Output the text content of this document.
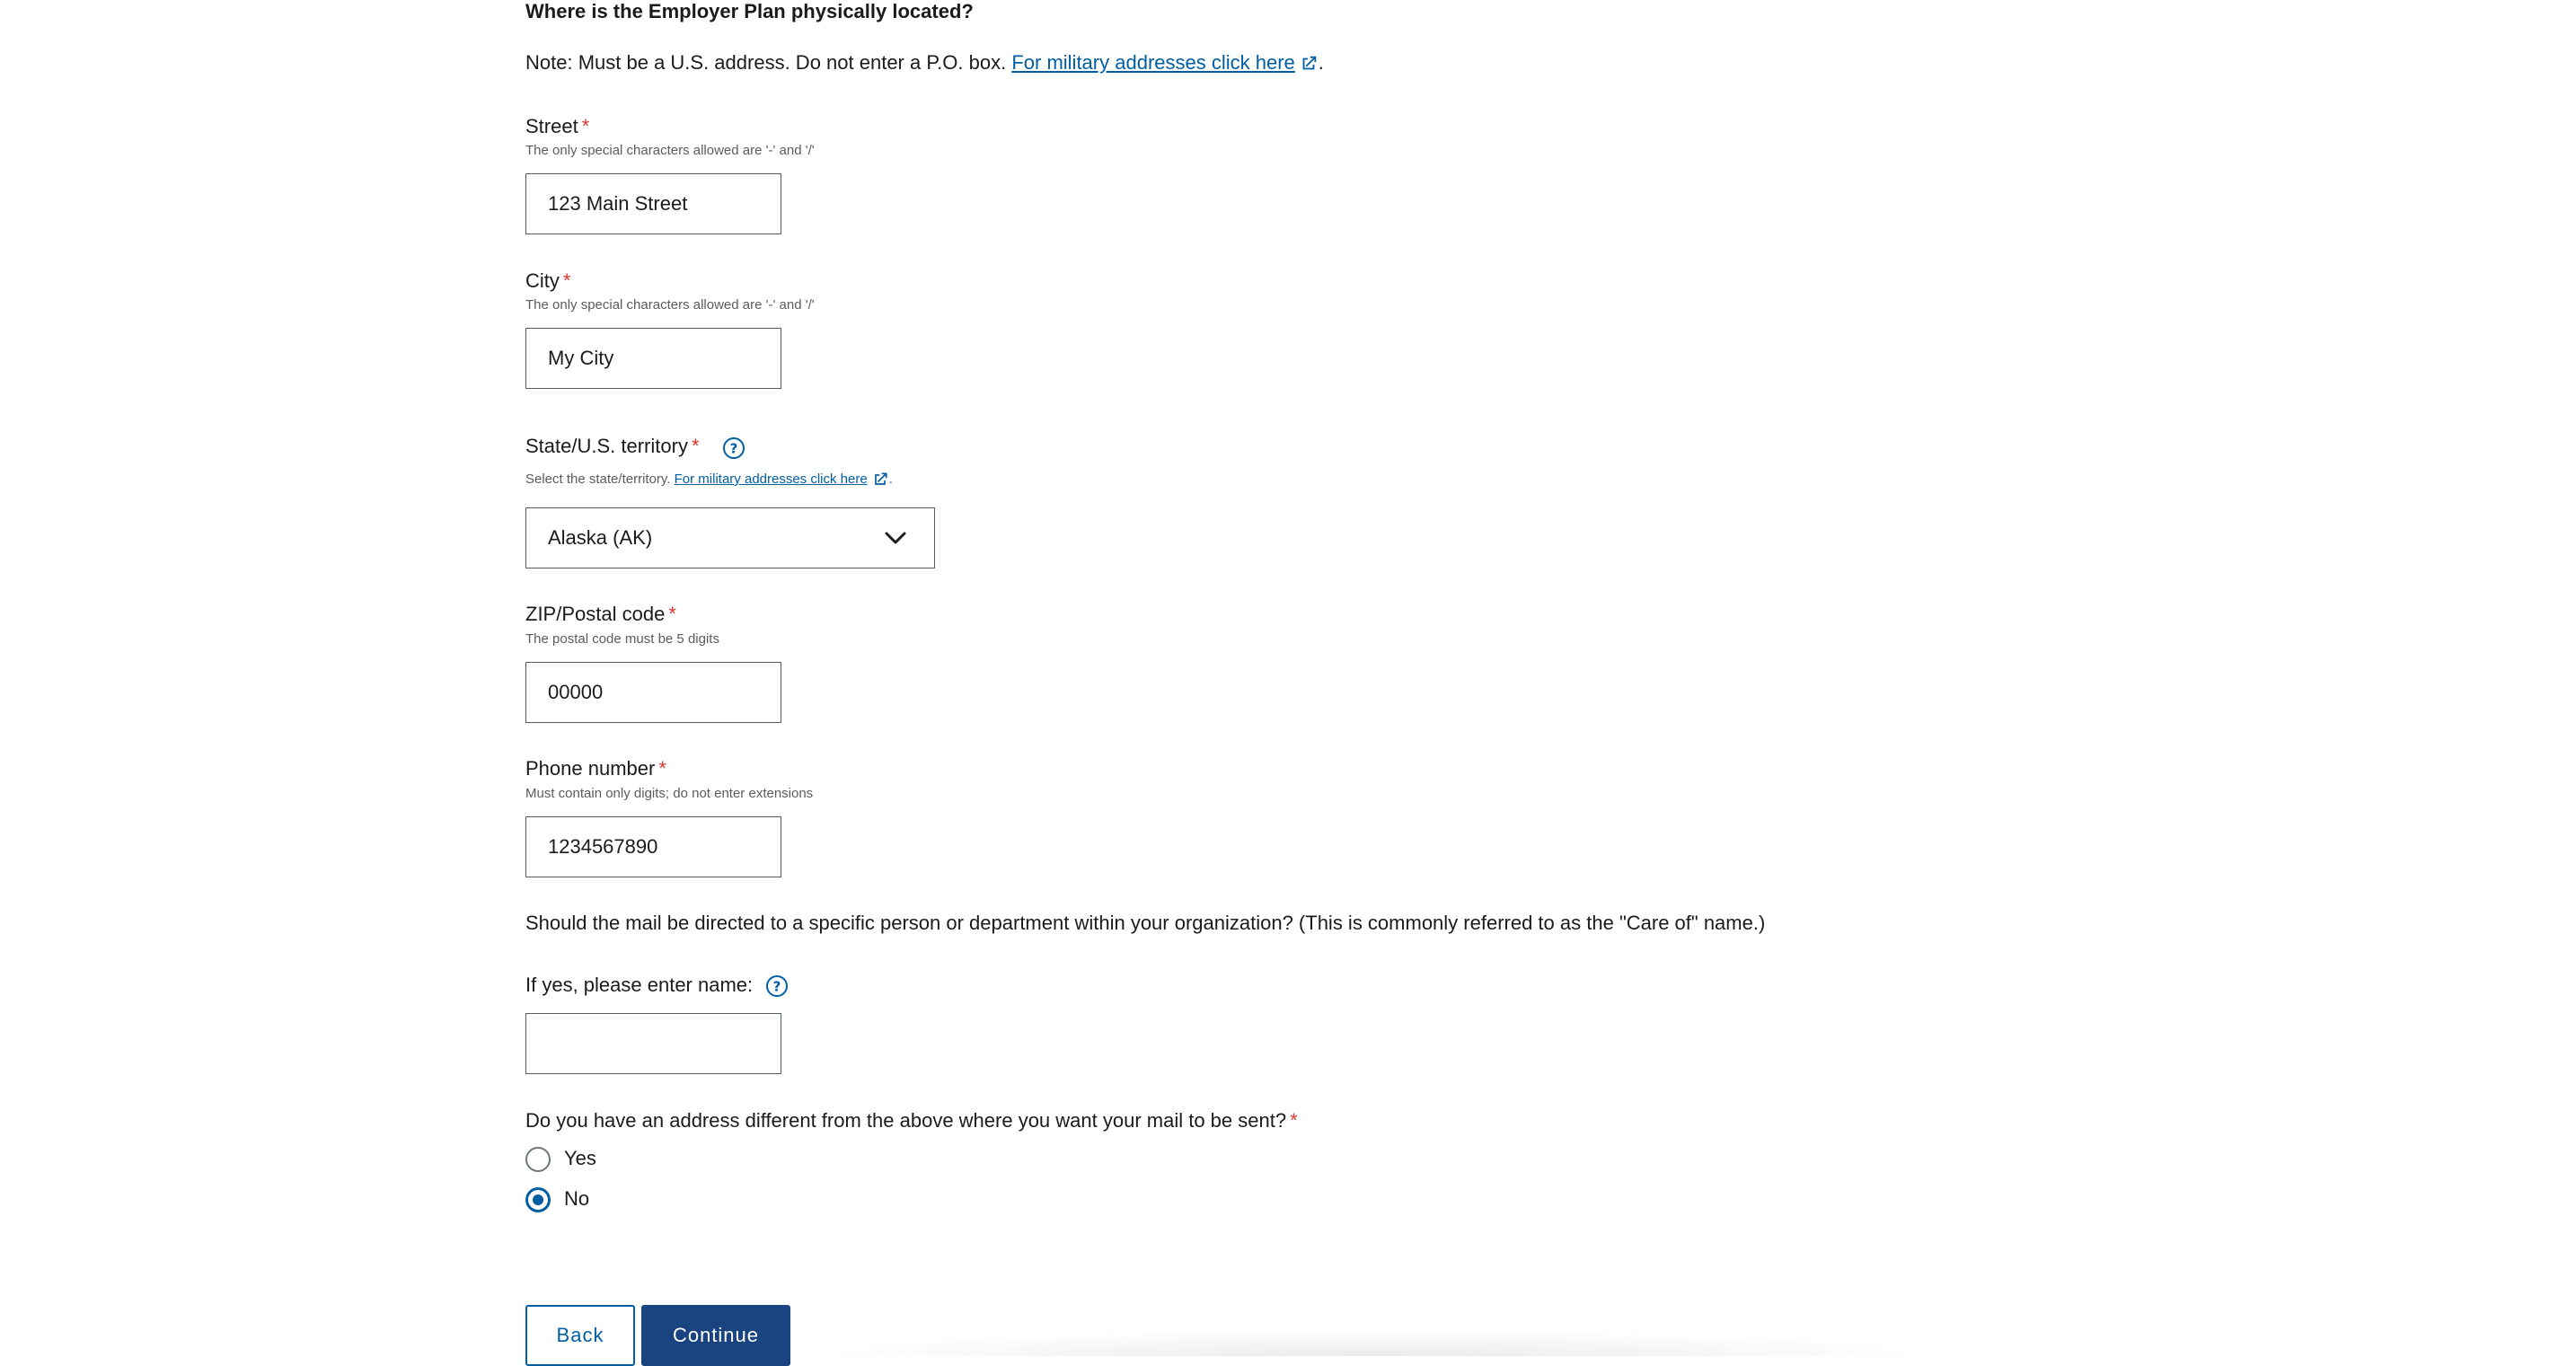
Where is the Employer Plan physically located?
Note: Must be a U.S. address. Do not enter a P.O. box. For military addresses click here .
Street *
The only special characters allowed are '-' and '/'
123 Main Street
City *
The only special characters allowed are '-' and '/'
My City
State/U.S. territory * ?
Select the state/territory. For military addresses click here .
Alaska (AK)
ZIP/Postal code *
The postal code must be 5 digits
00000
Phone number *
Must contain only digits; do not enter extensions
1234567890
Should the mail be directed to a specific person or department within your organization? (This is commonly referred to as the "Care of" name.)
If yes, please enter name: ?
Do you have an address different from the above where you want your mail to be sent? *
Yes
No
Back	Continue
